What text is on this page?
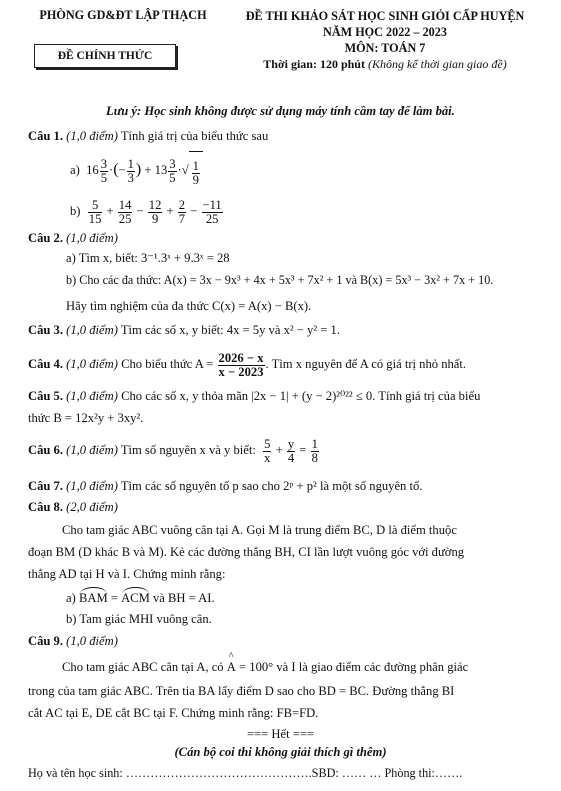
PHÒNG GD&ĐT LẬP THẠCH
ĐỀ CHÍNH THỨC
ĐỀ THI KHẢO SÁT HỌC SINH GIỎI CẤP HUYỆN
NĂM HỌC 2022 – 2023
MÔN: TOÁN 7
Thời gian: 120 phút (Không kể thời gian giao đề)
Lưu ý: Học sinh không được sử dụng máy tính cầm tay để làm bài.
Câu 1. (1,0 điểm) Tính giá trị của biểu thức sau
a)  $16 \frac{3}{5}$ ·(− $\frac{1}{3}$ ) + $13 \frac{3}{5}$ ·√ $\frac{1}{9}$
$b) \frac{5}{15} + \frac{14}{25} - \frac{12}{9} + \frac{2}{7} - \frac{-11}{25}$
Câu 2. (1,0 điểm)
a) Tìm x, biết: 3⁻¹.3ˣ + 9.3ˣ = 28
b) Cho các đa thức: A(x) = 3x − 9x³ + 4x + 5x³ + 7x² + 1 và B(x) = 5x³ − 3x² + 7x + 10.
Hãy tìm nghiệm của đa thức C(x) = A(x) − B(x).
Câu 3. (1,0 điểm) Tìm các số x, y biết: 4x = 5y và x² − y² = 1.
Câu 4. (1,0 điểm) Cho biểu thức $A = \frac{2026 - x}{x - 2023}$ . Tìm x nguyên để A có giá trị nhỏ nhất.
Câu 5. (1,0 điểm) Cho các số x, y thỏa mãn |2x − 1| + (y − 2)²⁰²² ≤ 0. Tính giá trị của biểu
thức B = 12x²y + 3xy².
Câu 6. (1,0 điểm) Tìm số nguyên x và y biết: $\frac{5}{x} + \frac{y}{4} = \frac{1}{8}$
Câu 7. (1,0 điểm) Tìm các số nguyên tố p sao cho 2ᵖ + p² là một số nguyên tố.
Câu 8. (2,0 điểm)
Cho tam giác ABC vuông cân tại A. Gọi M là trung điểm BC, D là điểm thuộc
đoạn BM (D khác B và M). Kẻ các đường thẳng BH, CI lần lượt vuông góc với đường
thẳng AD tại H và I. Chứng minh rằng:
a) BAM = ACM và BH = AI.
b) Tam giác MHI vuông cân.
Câu 9. (1,0 điểm)
Cho tam giác ABC cân tại A, có ^ A = 100° và I là giao điểm các đường phân giác
trong của tam giác ABC. Trên tia BA lấy điểm D sao cho BD = BC. Đường thẳng BI
cắt AC tại E, DE cắt BC tại F. Chứng minh rằng: FB=FD.
=== Hết ===
(Cán bộ coi thi không giải thích gì thêm)
Họ và tên học sinh: ……………………………………….SBD: …… … Phòng thi:…….
